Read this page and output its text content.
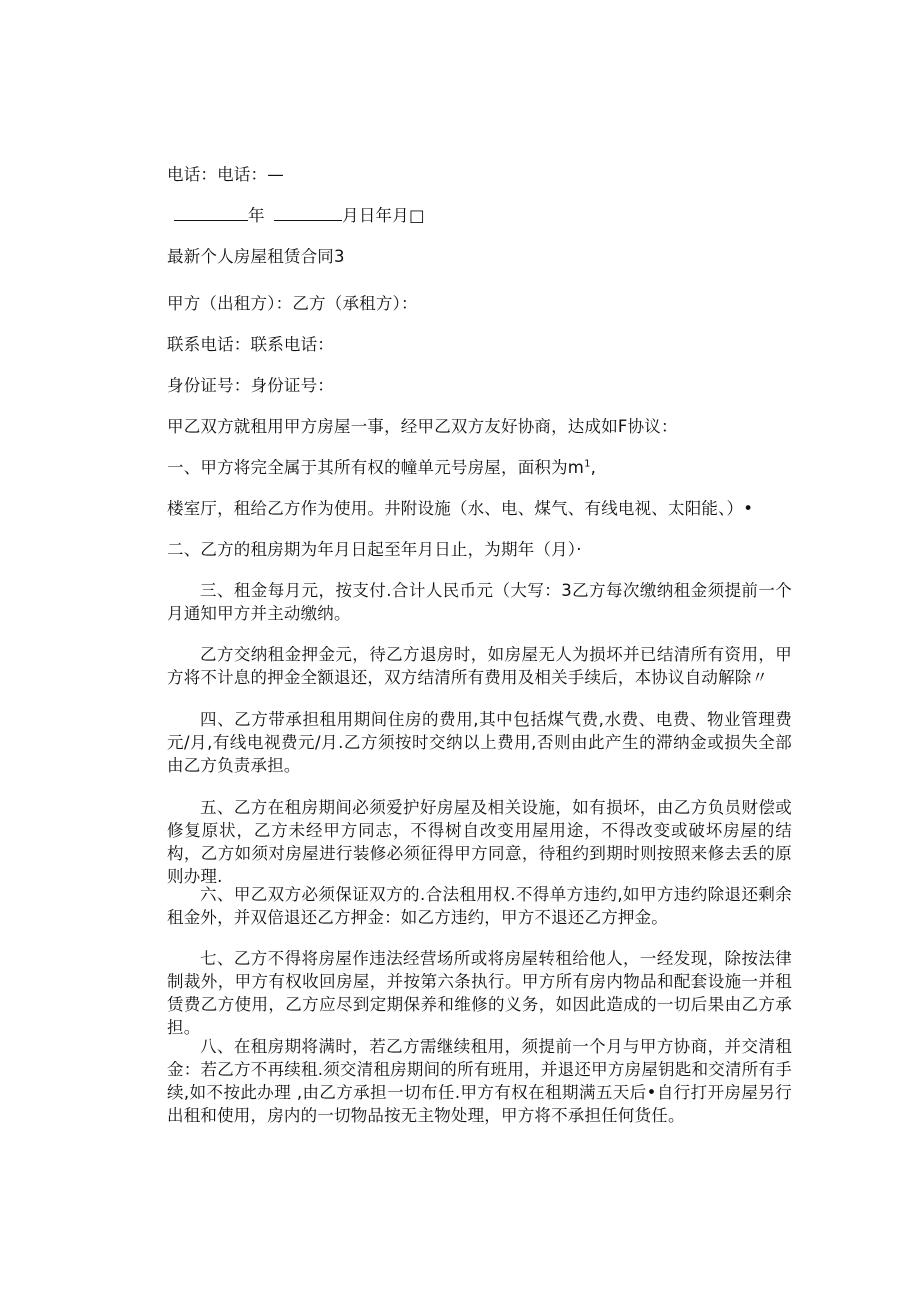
电话：电话：—
年	月日年月□
最新个人房屋租赁合同3
甲方（出租方）：乙方（承租方）：
联系电话：联系电话：
身份证号：身份证号：
甲乙双方就租用甲方房屋一事，经甲乙双方友好协商，达成如F协议：
一、甲方将完全属于其所有权的幢单元号房屋，面积为$m^1$,
楼室厅，租给乙方作为使用。井附设施（水、电、煤气、有线电视、太阳能、）•
二、乙方的租房期为年月日起至年月日止，为期年（月）·
三、租金每月元，按支付.合计人民币元（大写：3乙方每次缴纳租金须提前一个月通知甲方并主动缴纳。
乙方交纳租金押金元，待乙方退房时，如房屋无人为损坏并已结清所有资用，甲方将不计息的押金全额退还，双方结清所有费用及相关手续后，本协议自动解除〃
四、乙方带承担租用期间住房的费用,其中包括煤气费,水费、电费、物业管理费元/月,有线电视费元/月.乙方须按时交纳以上费用,否则由此产生的滞纳金或损失全部由乙方负责承担。
五、乙方在租房期间必须爱护好房屋及相关设施，如有损坏，由乙方负员财偿或修复原状，乙方未经甲方同志，不得树自改变用屋用途，不得改变或破坏房屋的结构，乙方如须对房屋进行装修必须征得甲方同意，待租约到期时则按照来修去丢的原则办理.
六、甲乙双方必须保证双方的.合法租用权.不得单方违约,如甲方违约除退还剩余租金外，并双倍退还乙方押金：如乙方违约，甲方不退还乙方押金。
七、乙方不得将房屋作违法经营场所或将房屋转租给他人，一经发现，除按法律制裁外，甲方有权收回房屋，并按第六条执行。甲方所有房内物品和配套设施一并租赁费乙方使用，乙方应尽到定期保养和维修的义务，如因此造成的一切后果由乙方承担。
八、在租房期将满时，若乙方需继续租用，须提前一个月与甲方协商，并交清租金：若乙方不再续租.须交清租房期间的所有班用，并退还甲方房屋钥匙和交清所有手续,如不按此办理 ,由乙方承担一切布任.甲方有权在租期满五天后•自行打开房屋另行出租和使用，房内的一切物品按无主物处理，甲方将不承担任何货任。
